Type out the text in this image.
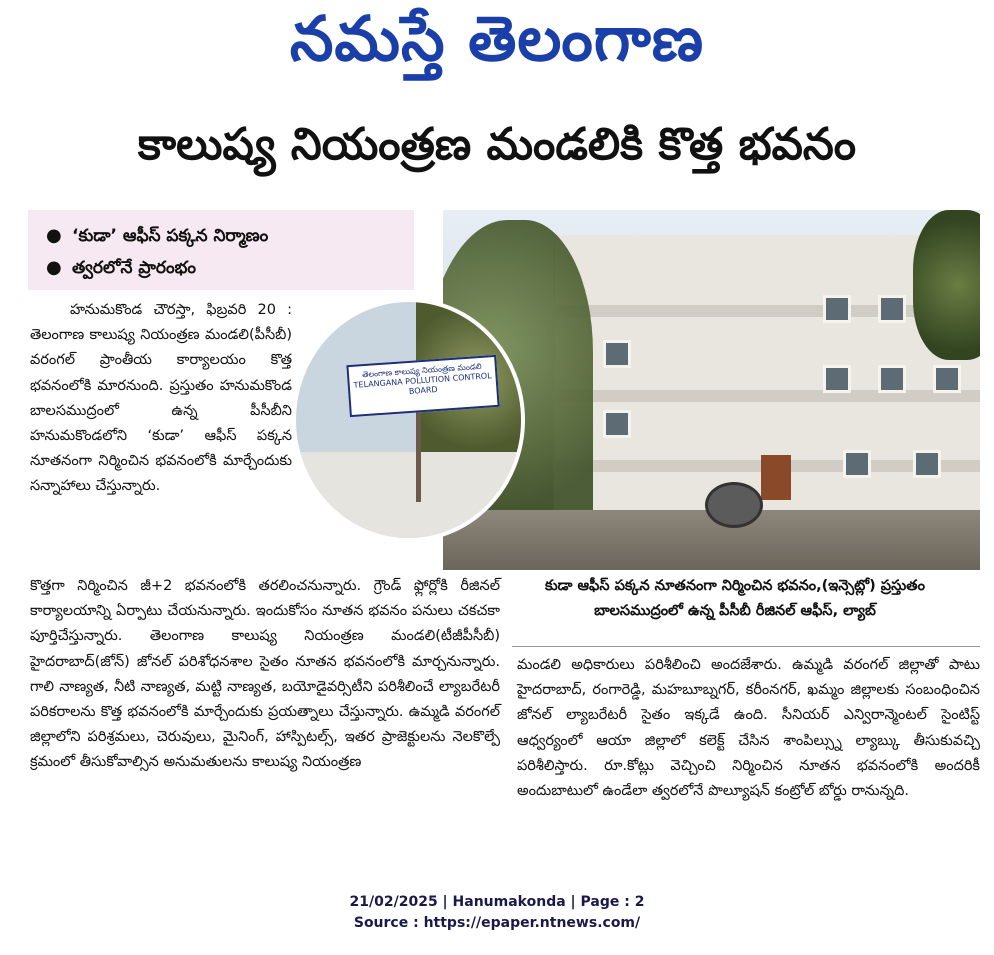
నమస్తే తెలంగాణ
కాలుష్య నియంత్రణ మండలికి కొత్త భవనం
● ‘కుడా’ ఆఫీస్ పక్కన నిర్మాణం
● త్వరలోనే ప్రారంభం
తెలంగాణ కాలుష్య నియంత్రణ మండలి TELANGANA POLLUTION CONTROL BOARD
కుడా ఆఫీస్ పక్కన నూతనంగా నిర్మించిన భవనం,(ఇన్సెట్లో) ప్రస్తుతం బాలసముద్రంలో ఉన్న పీసీబీ రీజినల్ ఆఫీస్, ల్యాబ్
హనుమకొండ చౌరస్తా, ఫిబ్రవరి 20 : తెలంగాణ కాలుష్య నియంత్రణ మండలి(పీసీబీ) వరంగల్ ప్రాంతీయ కార్యాలయం కొత్త భవనంలోకి మారనుంది. ప్రస్తుతం హనుమకొండ బాలసముద్రంలో ఉన్న పీసీబీని హనుమకొండలోని ‘కుడా’ ఆఫీస్ పక్కన నూతనంగా నిర్మించిన భవనంలోకి మార్చేందుకు సన్నాహాలు చేస్తున్నారు.
కొత్తగా నిర్మించిన జీ+2 భవనంలోకి తరలించనున్నారు. గ్రౌండ్ ఫ్లోర్లోకి రీజినల్ కార్యాలయాన్ని ఏర్పాటు చేయనున్నారు. ఇందుకోసం నూతన భవనం పనులు చకచకా పూర్తిచేస్తున్నారు. తెలంగాణ కాలుష్య నియంత్రణ మండలి(టీజీపీసీబీ) హైదరాబాద్(జోన్) జోనల్ పరిశోధనశాల సైతం నూతన భవనంలోకి మార్చనున్నారు. గాలి నాణ్యత, నీటి నాణ్యత, మట్టి నాణ్యత, బయోడైవర్సిటీని పరిశీలించే ల్యాబరేటరీ పరికరాలను కొత్త భవనంలోకి మార్చేందుకు ప్రయత్నాలు చేస్తున్నారు. ఉమ్మడి వరంగల్ జిల్లాలోని పరిశ్రమలు, చెరువులు, మైనింగ్, హాస్పిటల్స్, ఇతర ప్రాజెక్టులను నెలకొల్పే క్రమంలో తీసుకోవాల్సిన అనుమతులను కాలుష్య నియంత్రణ
మండలి అధికారులు పరిశీలించి అందజేశారు. ఉమ్మడి వరంగల్ జిల్లాతో పాటు హైదరాబాద్, రంగారెడ్డి, మహబూబ్నగర్, కరీంనగర్, ఖమ్మం జిల్లాలకు సంబంధించిన జోనల్ ల్యాబరేటరీ సైతం ఇక్కడే ఉంది. సీనియర్ ఎన్విరాన్మెంటల్ సైంటిస్ట్ ఆధ్వర్యంలో ఆయా జిల్లాలో కలెక్ట్ చేసిన శాంపిల్స్ను ల్యాబ్కు తీసుకువచ్చి పరిశీలిస్తారు. రూ.కోట్లు వెచ్చించి నిర్మించిన నూతన భవనంలోకి అందరికీ అందుబాటులో ఉండేలా త్వరలోనే పొల్యూషన్ కంట్రోల్ బోర్డు రానున్నది.
21/02/2025 | Hanumakonda | Page : 2
Source : https://epaper.ntnews.com/
